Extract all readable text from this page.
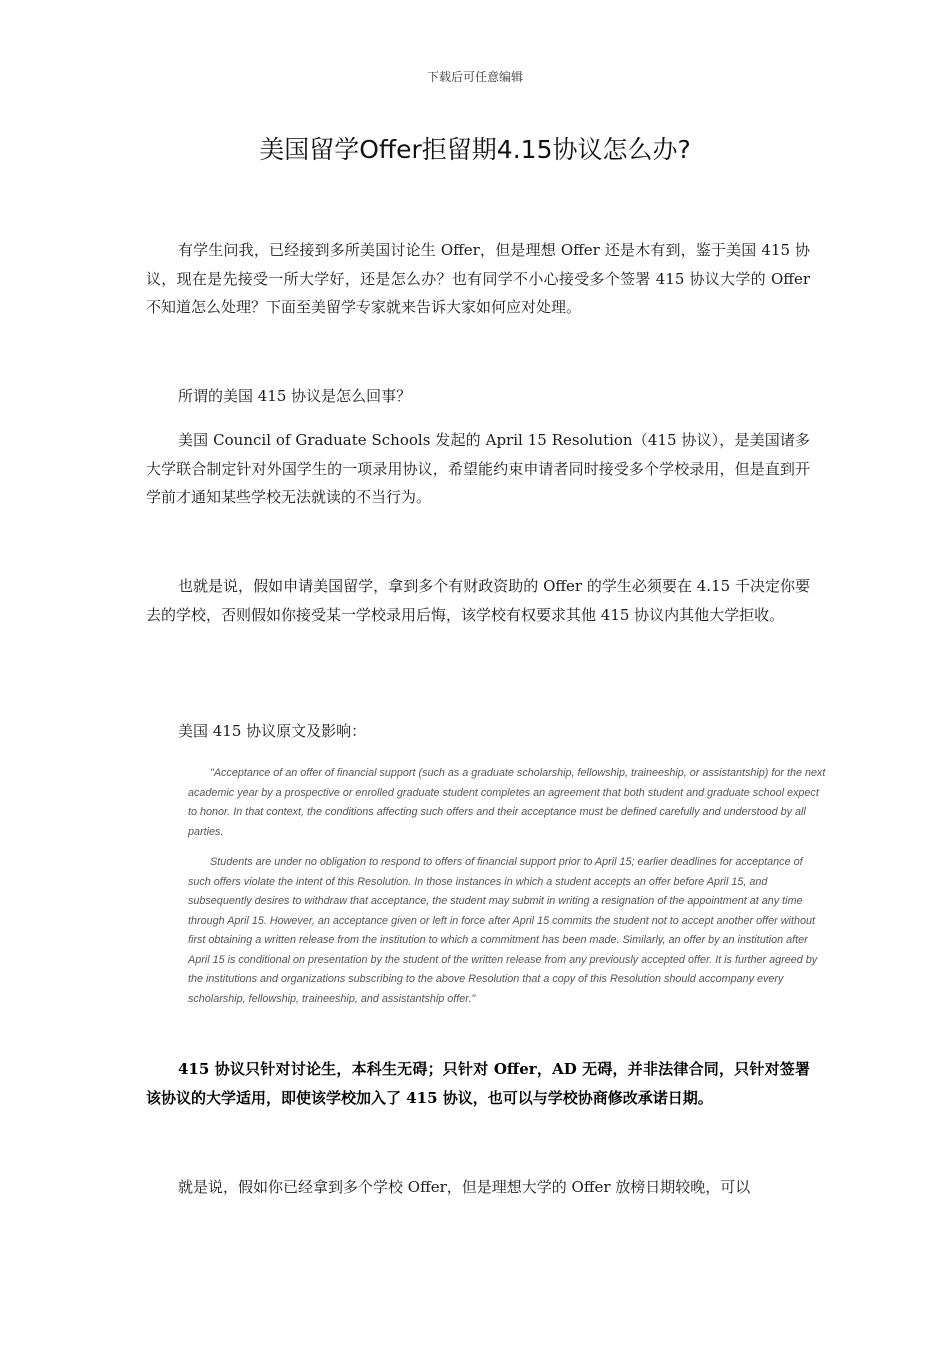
下载后可任意编辑
美国留学Offer拒留期4.15协议怎么办?

有学生问我，已经接到多所美国讨论生 Offer，但是理想 Offer 还是木有到，鉴于美国 415 协议，现在是先接受一所大学好，还是怎么办？也有同学不小心接受多个签署 415 协议大学的 Offer 不知道怎么处理？下面至美留学专家就来告诉大家如何应对处理。

所谓的美国 415 协议是怎么回事？

美国 Council of Graduate Schools 发起的 April 15 Resolution（415 协议），是美国诸多大学联合制定针对外国学生的一项录用协议，希望能约束申请者同时接受多个学校录用，但是直到开学前才通知某些学校无法就读的不当行为。

也就是说，假如申请美国留学，拿到多个有财政资助的 Offer 的学生必须要在 4.15 千决定你要去的学校，否则假如你接受某一学校录用后悔，该学校有权要求其他 415 协议内其他大学拒收。

美国 415 协议原文及影响：

"Acceptance of an offer of financial support (such as a graduate scholarship, fellowship, traineeship, or assistantship) for the next academic year by a prospective or enrolled graduate student completes an agreement that both student and graduate school expect to honor. In that context, the conditions affecting such offers and their acceptance must be defined carefully and understood by all parties.

Students are under no obligation to respond to offers of financial support prior to April 15; earlier deadlines for acceptance of such offers violate the intent of this Resolution. In those instances in which a student accepts an offer before April 15, and subsequently desires to withdraw that acceptance, the student may submit in writing a resignation of the appointment at any time through April 15. However, an acceptance given or left in force after April 15 commits the student not to accept another offer without first obtaining a written release from the institution to which a commitment has been made. Similarly, an offer by an institution after April 15 is conditional on presentation by the student of the written release from any previously accepted offer. It is further agreed by the institutions and organizations subscribing to the above Resolution that a copy of this Resolution should accompany every scholarship, fellowship, traineeship, and assistantship offer."

415 协议只针对讨论生，本科生无碍；只针对 Offer，AD 无碍，并非法律合同，只针对签署该协议的大学适用，即使该学校加入了 415 协议，也可以与学校协商修改承诺日期。

就是说，假如你已经拿到多个学校 Offer，但是理想大学的 Offer 放榜日期较晚，可以
